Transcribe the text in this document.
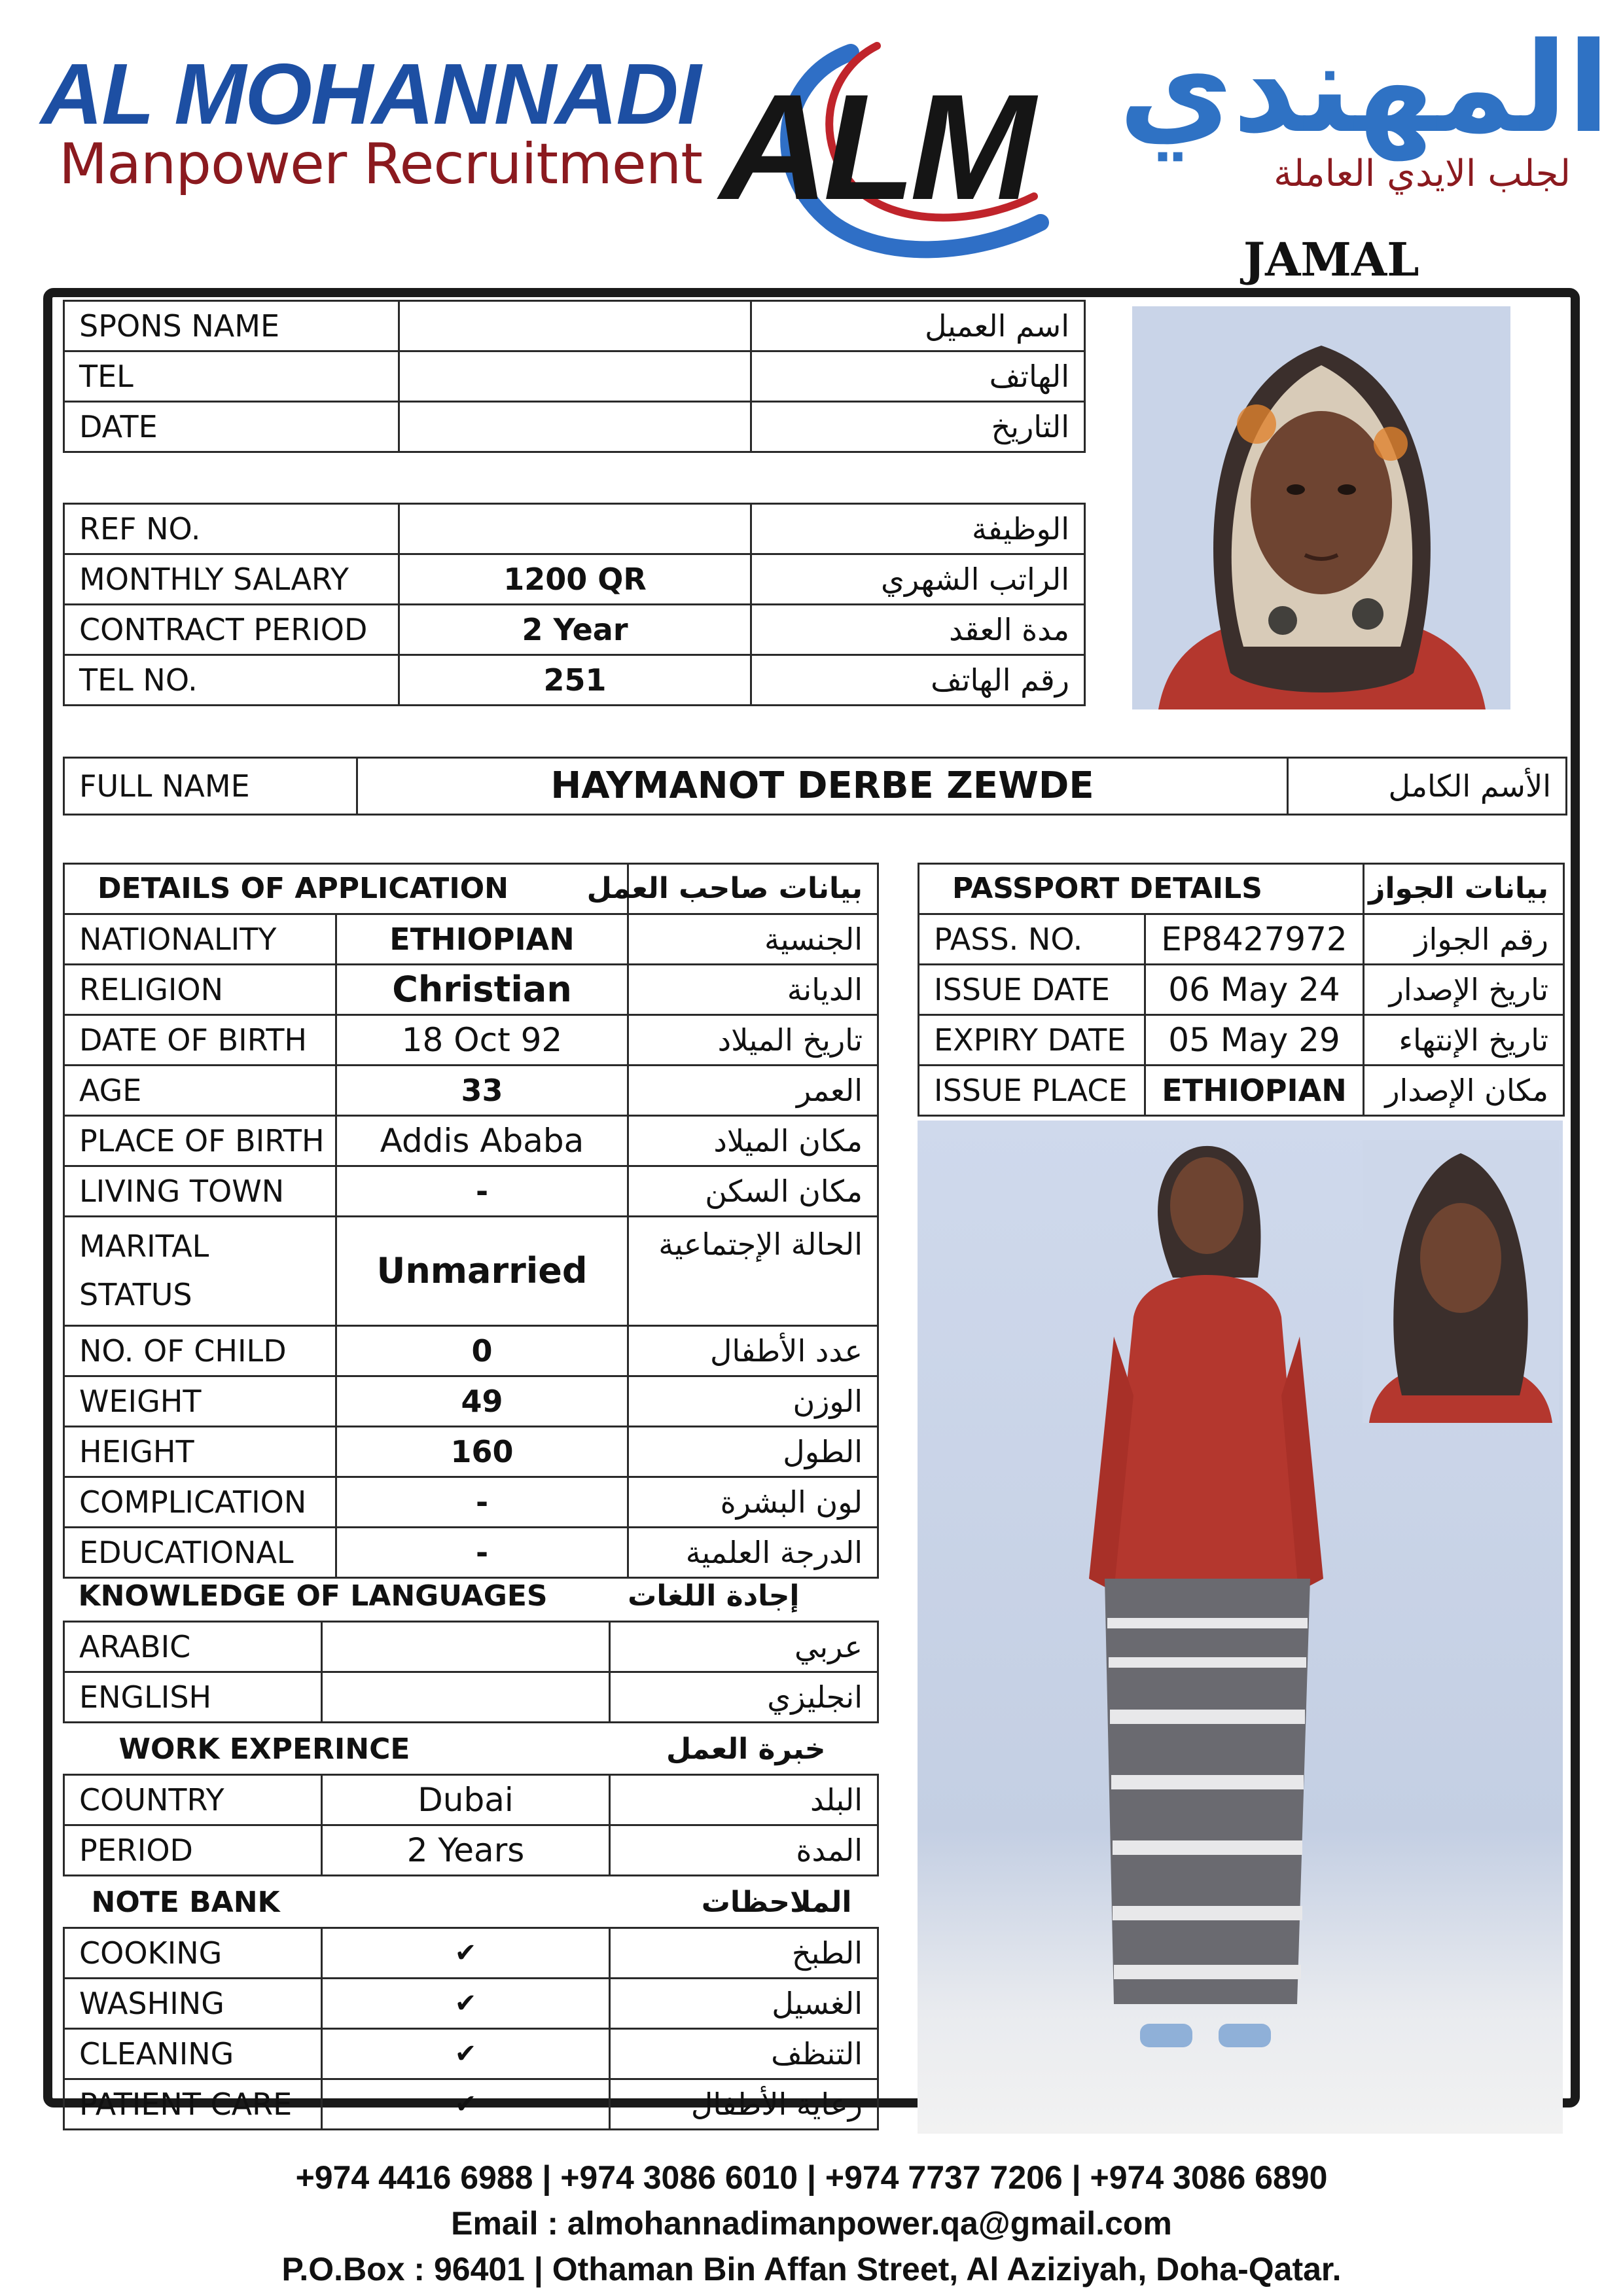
AL MOHANNADI
Manpower Recruitment ALM المهندي
لجلب الايدي العاملة
JAMAL
SPONS NAME		اسم العميل
TEL		الهاتف
DATE		التاريخ
REF NO.		الوظيفة
MONTHLY SALARY	1200 QR	الراتب الشهري
CONTRACT PERIOD	2 Year	مدة العقد
TEL NO.	251	رقم الهاتف
FULL NAME	HAYMANOT DERBE ZEWDE	الأسم الكامل
DETAILS OF APPLICATION		بيانات صاحب العمل
NATIONALITY	ETHIOPIAN	الجنسية
RELIGION	Christian	الديانة
DATE OF BIRTH	18 Oct 92	تاريخ الميلاد
AGE	33	العمر
PLACE OF BIRTH	Addis Ababa	مكان الميلاد
LIVING TOWN	-	مكان السكن

MARITAL
STATUS	Unmarried	الحالة الإجتماعية
NO. OF CHILD	0	عدد الأطفال
WEIGHT	49	الوزن
HEIGHT	160	الطول
COMPLICATION	-	لون البشرة
EDUCATIONAL	-	الدرجة العلمية
KNOWLEDGE OF LANGUAGES		إجادة اللغات
ARABIC		عربي
ENGLISH		انجليزي
WORK EXPERINCE		خبرة العمل
COUNTRY	Dubai	البلد
PERIOD	2 Years	المدة
NOTE BANK		الملاحظات
COOKING	✔	الطبخ
WASHING	✔	الغسيل
CLEANING	✔	التنظف
PATIENT CARE	✔	رعاية الأطفال
PASSPORT DETAILS		بيانات الجواز
PASS. NO.	EP8427972	رقم الجواز
ISSUE DATE	06 May 24	تاريخ الإصدار
EXPIRY DATE	05 May 29	تاريخ الإنتهاء
ISSUE PLACE	ETHIOPIAN	مكان الإصدار
+974 4416 6988 | +974 3086 6010 | +974 7737 7206 | +974 3086 6890
Email : almohannadimanpower.qa@gmail.com
P.O.Box : 96401 | Othaman Bin Affan Street, Al Aziziyah, Doha-Qatar.
